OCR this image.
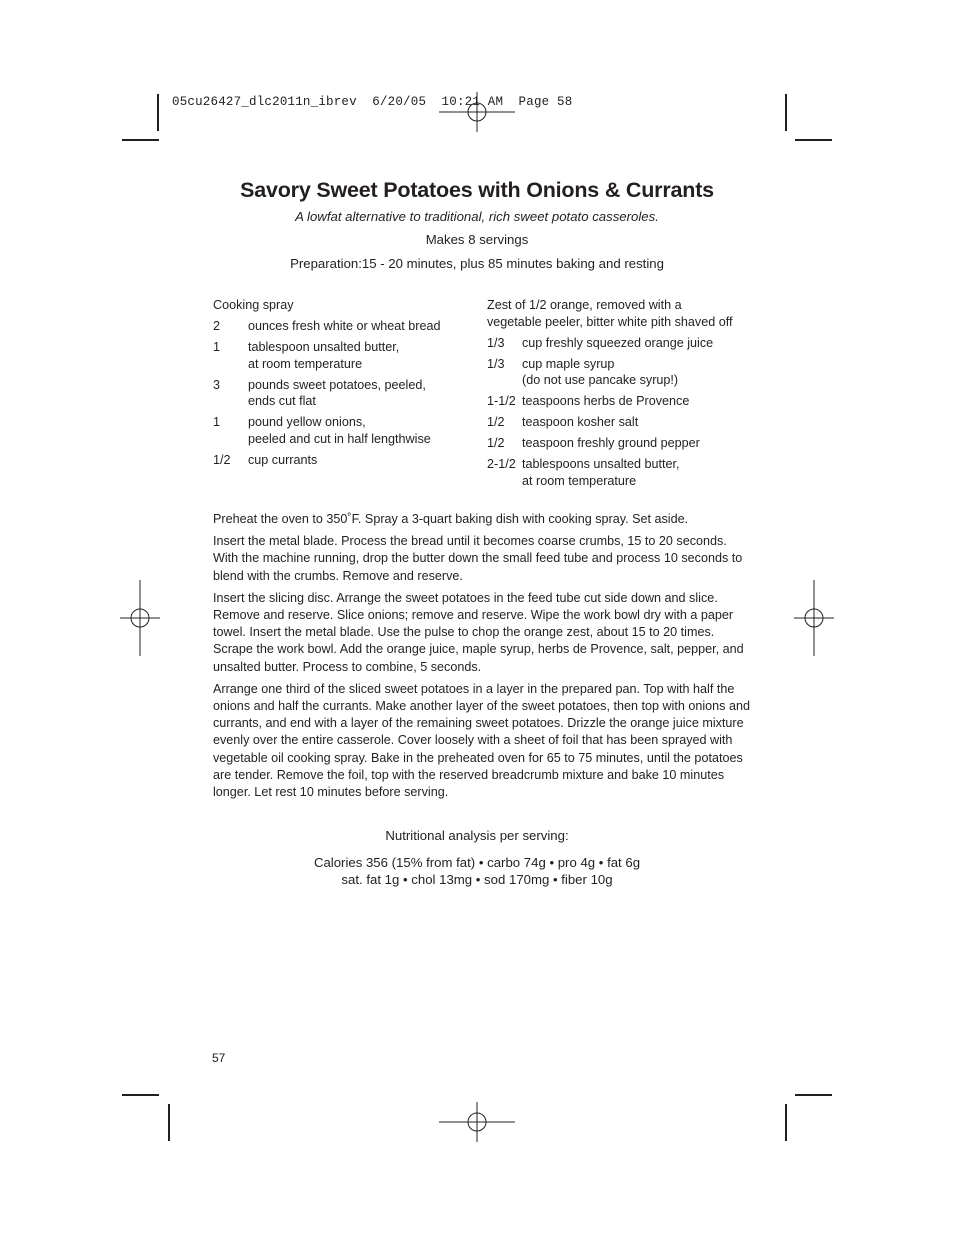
05cu26427_dlc2011n_ibrev  6/20/05  10:21 AM  Page 58
Savory Sweet Potatoes with Onions & Currants
A lowfat alternative to traditional, rich sweet potato casseroles.
Makes 8 servings
Preparation:15 - 20 minutes, plus 85 minutes baking and resting
Cooking spray
2	ounces fresh white or wheat bread
1	tablespoon unsalted butter,
at room temperature
3	pounds sweet potatoes, peeled,
ends cut flat
1	pound yellow onions,
peeled and cut in half lengthwise
1/2	cup currants
Zest of 1/2 orange, removed with a
vegetable peeler, bitter white pith shaved off
1/3	cup freshly squeezed orange juice
1/3	cup maple syrup
(do not use pancake syrup!)
1-1/2 teaspoons herbs de Provence
1/2	teaspoon kosher salt
1/2	teaspoon freshly ground pepper
2-1/2 tablespoons unsalted butter,
at room temperature

Preheat the oven to 350˚F. Spray a 3-quart baking dish with cooking spray. Set aside.

Insert the metal blade. Process the bread until it becomes coarse crumbs, 15 to 20 seconds. With the machine running, drop the butter down the small feed tube and process 10 seconds to blend with the crumbs. Remove and reserve.

Insert the slicing disc. Arrange the sweet potatoes in the feed tube cut side down and slice. Remove and reserve. Slice onions; remove and reserve. Wipe the work bowl dry with a paper towel. Insert the metal blade. Use the pulse to chop the orange zest, about 15 to 20 times. Scrape the work bowl. Add the orange juice, maple syrup, herbs de Provence, salt, pepper, and unsalted butter. Process to combine, 5 seconds.

Arrange one third of the sliced sweet potatoes in a layer in the prepared pan. Top with half the onions and half the currants. Make another layer of the sweet potatoes, then top with onions and currants, and end with a layer of the remaining sweet potatoes. Drizzle the orange juice mixture evenly over the entire casserole. Cover loosely with a sheet of foil that has been sprayed with vegetable oil cooking spray. Bake in the preheated oven for 65 to 75 minutes, until the potatoes are tender. Remove the foil, top with the reserved breadcrumb mixture and bake 10 minutes longer. Let rest 10 minutes before serving.

Nutritional analysis per serving:
Calories 356 (15% from fat) • carbo 74g • pro 4g • fat 6g
sat. fat 1g • chol 13mg • sod 170mg • fiber 10g
57
